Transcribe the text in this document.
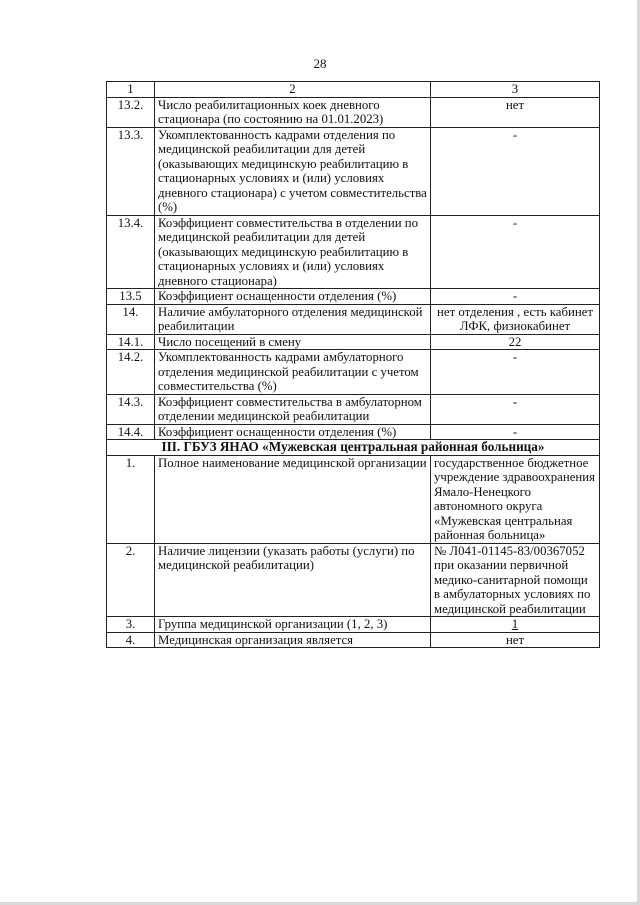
28
1	2	3
13.2.	Число реабилитационных коек дневного стационара (по состоянию на 01.01.2023)	нет
13.3.	Укомплектованность кадрами отделения по медицинской реабилитации для детей (оказывающих медицинскую реабилитацию в стационарных условиях и (или) условиях дневного стационара) с учетом совместительства (%)	-
13.4.	Коэффициент совместительства в отделении по медицинской реабилитации для детей (оказывающих медицинскую реабилитацию в стационарных условиях и (или) условиях дневного стационара)	-
13.5	Коэффициент оснащенности отделения (%)	-
14.	Наличие амбулаторного отделения медицинской реабилитации	нет отделения , есть кабинет ЛФК, физиокабинет
14.1.	Число посещений в смену	22
14.2.	Укомплектованность кадрами амбулаторного отделения медицинской реабилитации с учетом совместительства (%)	-
14.3.	Коэффициент совместительства в амбулаторном отделении медицинской реабилитации	-
14.4.	Коэффициент оснащенности отделения (%)	-
III. ГБУЗ ЯНАО «Мужевская центральная районная больница»		
1.	Полное наименование медицинской организации	государственное бюджетное учреждение здравоохранения Ямало-Ненецкого автономного округа «Мужевская центральная районная больница»
2.	Наличие лицензии (указать работы (услуги) по медицинской реабилитации)	№ Л041-01145-83/00367052 при оказании первичной медико-санитарной помощи в амбулаторных условиях по медицинской реабилитации
3.	Группа медицинской организации (1, 2, 3)	1
4.	Медицинская организация является	нет
